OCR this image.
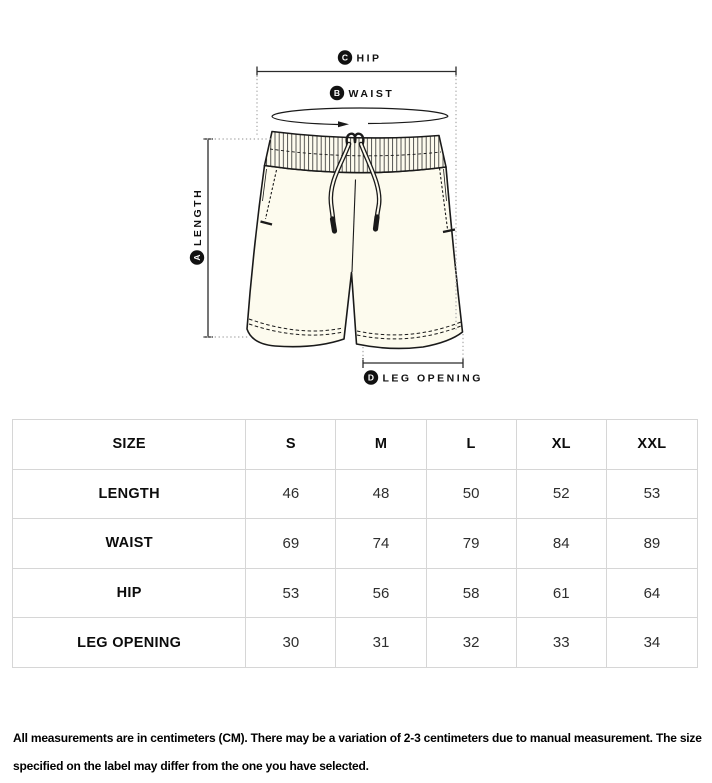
C HIP
B WAIST
A
LENGTH
D LEG OPENING
SIZE	S	M	L	XL	XXL
LENGTH	46	48	50	52	53
WAIST	69	74	79	84	89
HIP	53	56	58	61	64
LEG OPENING	30	31	32	33	34

All measurements are in centimeters (CM). There may be a variation of 2-3 centimeters due to manual measurement. The size specified on the label may differ from the one you have selected.
